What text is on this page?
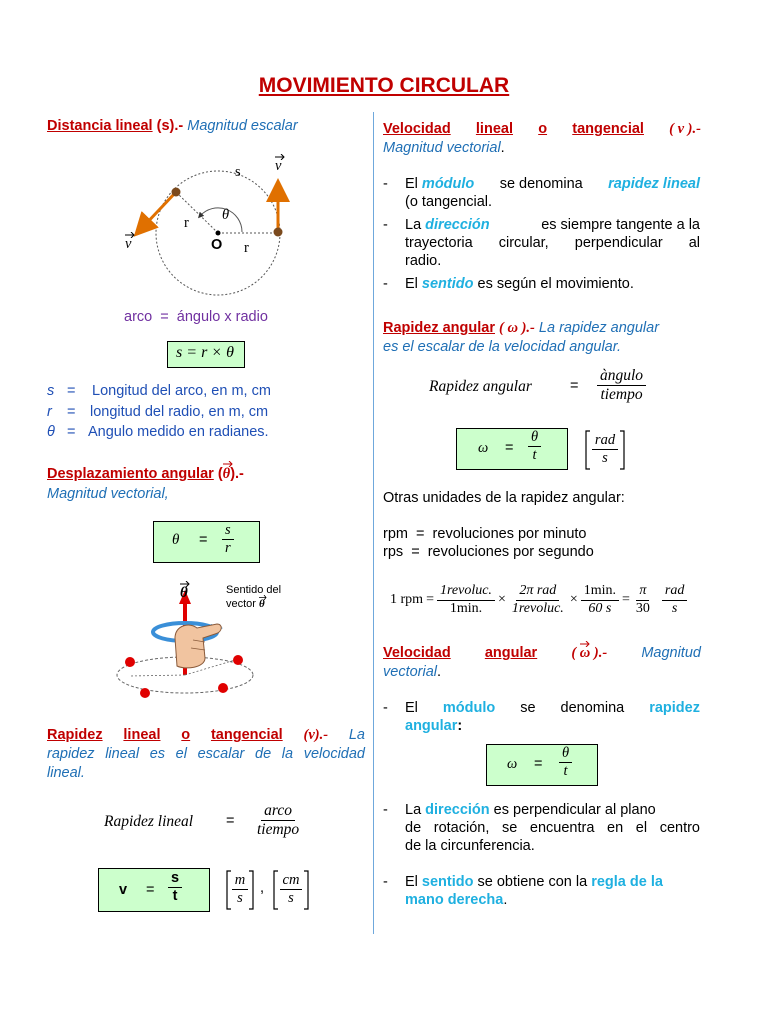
MOVIMIENTO CIRCULAR
Distancia lineal (s).- Magnitud escalar
s v
v
r θ
O r
arco  =  ángulo x radio
s = r × θ
s = Longitud del arco, en m, cm
r = longitud del radio, en m, cm
θ = Angulo medido en radianes.
Desplazamiento angular (θ
).-
Magnitud vectorial,
$\theta = \frac{s}{r}$
θ	Sentido del
vector θ
Rapidez lineal o tangencial (v).- La
rapidez lineal es el escalar de la velocidad
lineal.
Rapidez lineal =
arco
tiempo
$v = \frac{s}{t}$	$\frac{m}{s}$ , $\frac{cm}{s}$
Velocidad lineal o tangencial ( v ).-
Magnitud vectorial.
- El módulo se denomina rapidez lineal
(o tangencial.
- La dirección	es siempre tangente a la
trayectoria circular, perpendicular al
radio.
- El sentido es según el movimiento.
Rapidez angular ( ω ).- La rapidez angular
es el escalar de la velocidad angular.
Rapidez angular	=
àngulo
tiempo
$\omega = \frac{\theta}{t}$	rad
s
Otras unidades de la rapidez angular:
rpm  =  revoluciones por minuto
rps  =  revoluciones por segundo
1 rpm = $\frac{\text{1revoluc.}}{1\min.} \times \frac{\text{2π rad}}{\text{1revoluc.}} \times \frac{1\min.}{60 s} = \frac{\pi}{30} \frac{\text{rad}}{s}$
Velocidad angular ( ω ).- Magnitud
vectorial.
- El módulo se denomina rapidez
angular:
$\omega = \frac{\theta}{t}$
- La dirección es perpendicular al plano
de rotación, se encuentra en el centro
de la circunferencia.
- El sentido se obtiene con la regla de la
mano derecha.
